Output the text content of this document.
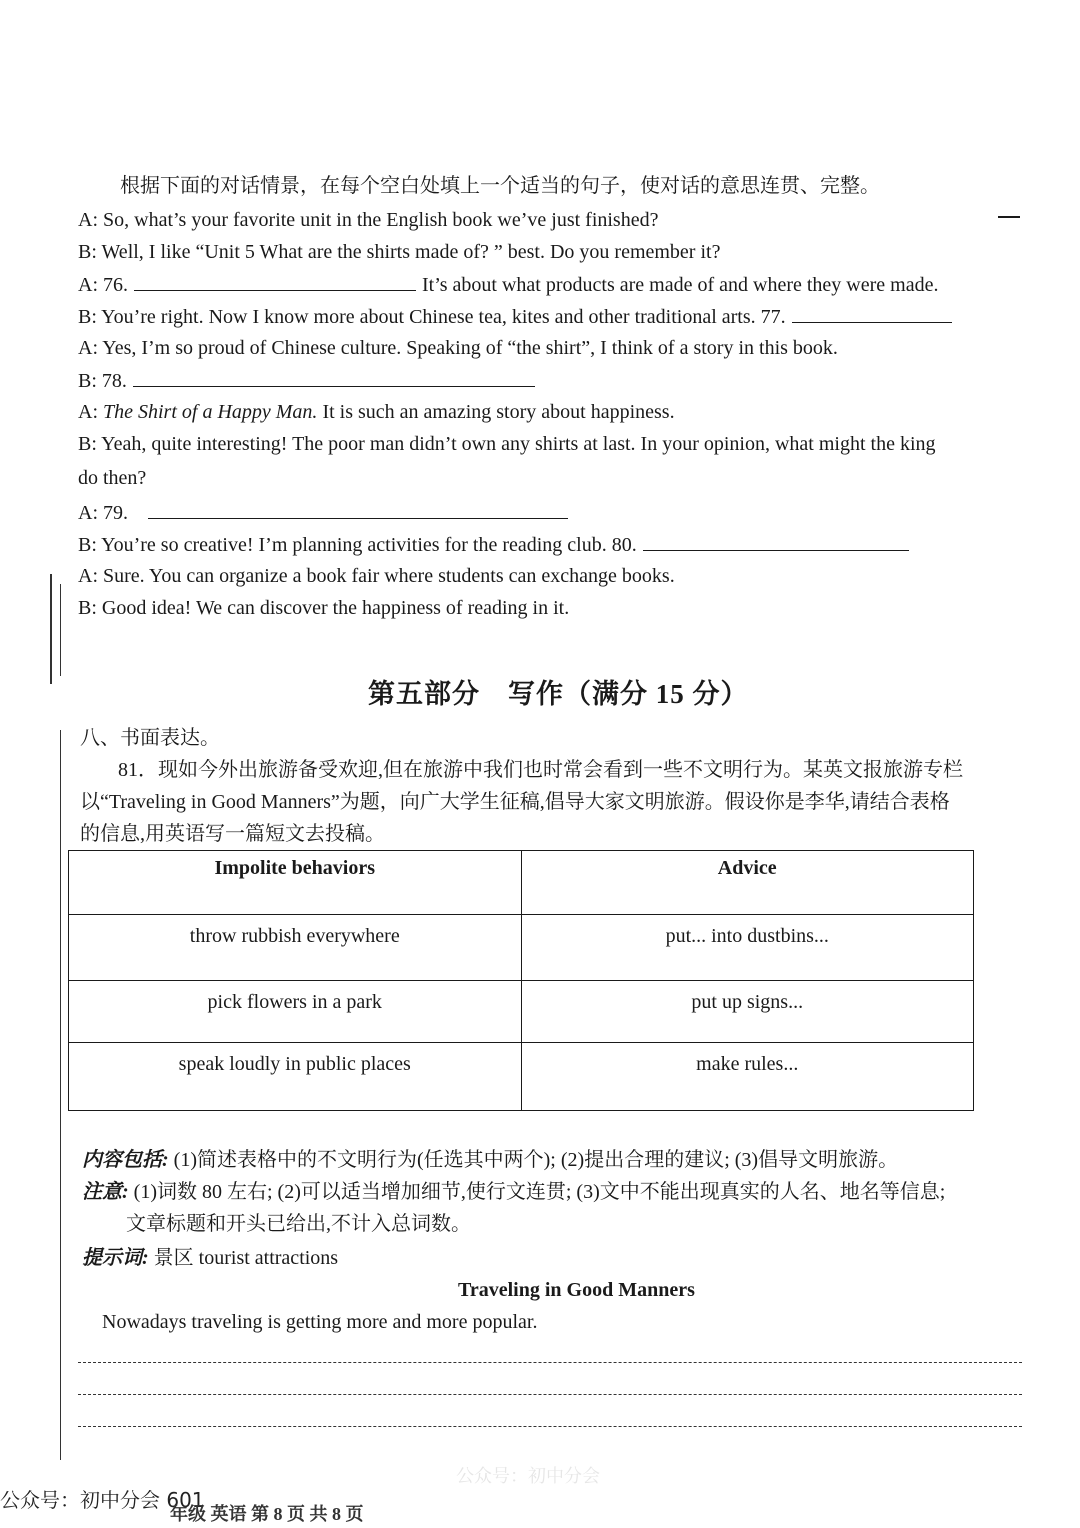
根据下面的对话情景，在每个空白处填上一个适当的句子，使对话的意思连贯、完整。
A: So, what’s your favorite unit in the English book we’ve just finished?
B: Well, I like “Unit 5 What are the shirts made of? ” best. Do you remember it?
A: 76.	It’s about what products are made of and where they were made.
B: You’re right. Now I know more about Chinese tea, kites and other traditional arts. 77.
A: Yes, I’m so proud of Chinese culture. Speaking of “the shirt”, I think of a story in this book.
B: 78.
A: The Shirt of a Happy Man. It is such an amazing story about happiness.
B: Yeah, quite interesting! The poor man didn’t own any shirts at last. In your opinion, what might the king
do then?
A: 79.
B: You’re so creative! I’m planning activities for the reading club. 80.
A: Sure. You can organize a book fair where students can exchange books.
B: Good idea! We can discover the happiness of reading in it.
第五部分　写作（满分 15 分）
八、书面表达。
81．现如今外出旅游备受欢迎,但在旅游中我们也时常会看到一些不文明行为。某英文报旅游专栏
以“Traveling in Good Manners”为题，向广大学生征稿,倡导大家文明旅游。假设你是李华,请结合表格
的信息,用英语写一篇短文去投稿。
Impolite behaviors	Advice
throw rubbish everywhere	put... into dustbins...
pick flowers in a park	put up signs...
speak loudly in public places	make rules...
内容包括: (1)简述表格中的不文明行为(任选其中两个); (2)提出合理的建议; (3)倡导文明旅游。
注意: (1)词数 80 左右; (2)可以适当增加细节,使行文连贯; (3)文中不能出现真实的人名、地名等信息;
文章标题和开头已给出,不计入总词数。
提示词: 景区 tourist attractions
Traveling in Good Manners
Nowadays traveling is getting more and more popular.
公众号：初中分会
公众号：初中分会 601
年级 英语 第 8 页 共 8 页
